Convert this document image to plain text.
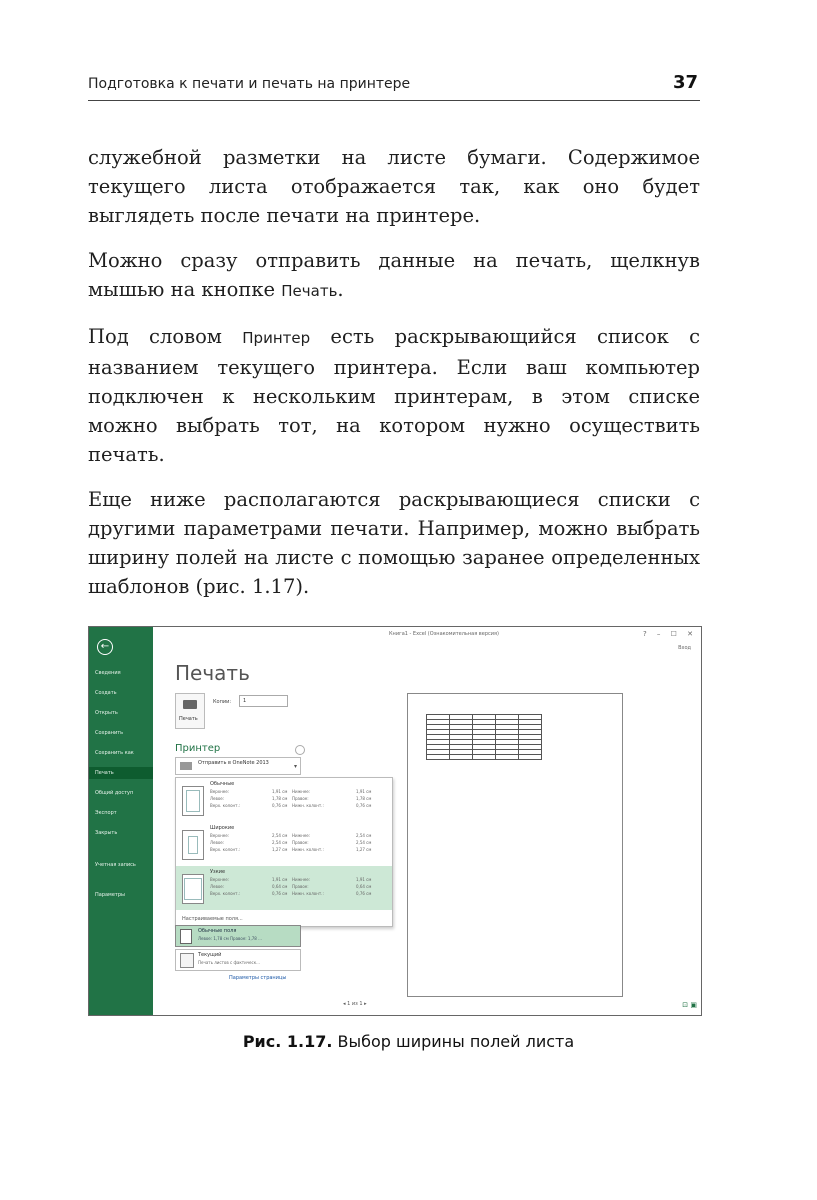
Подготовка к печати и печать на принтере	37

служебной разметки на листе бумаги. Содержимое текущего листа отображается так, как оно будет выглядеть после печати на принтере.

Можно сразу отправить данные на печать, щелкнув мышью на кнопке Печать.

Под словом Принтер есть раскрывающийся список с названием текущего принтера. Если ваш компьютер подключен к нескольким принтерам, в этом списке можно выбрать тот, на котором нужно осуществить печать.

Еще ниже располагаются раскрывающиеся списки с другими параметрами печати. Например, можно выбрать ширину полей на листе с помощью заранее определенных шаблонов (рис. 1.17).

←
Сведения
Создать
Открыть
Сохранить
Сохранить как
Печать
Общий доступ
Экспорт
Закрыть
Учетная запись
Параметры
Книга1 - Excel (Ознакомительная версия)	? – ☐ ✕
Вход
Печать
Печать
Копии:	1
Принтер
Отправить в OneNote 2013	▾
Обычные
Верхнее:	1,91 см Нижнее:	1,91 см
Левое:	1,78 см Правое:	1,78 см
Верх. колонт.:	0,76 см Нижн. колонт.:	0,76 см
Широкие
Верхнее:	2,54 см Нижнее:	2,54 см
Левое:	2,54 см Правое:	2,54 см
Верх. колонт.:	1,27 см Нижн. колонт.:	1,27 см
Узкие
Верхнее:	1,91 см Нижнее:	1,91 см
Левое:	0,64 см Правое:	0,64 см
Верх. колонт.:	0,76 см Нижн. колонт.:	0,76 см
Настраиваемые поля...
Обычные поля
Левое: 1,78 см Правое: 1,78 ...
Текущий
Печать листов с фактическ...
Параметры страницы

◂ 1 из 1 ▸	⊡ ▣
Рис. 1.17. Выбор ширины полей листа
